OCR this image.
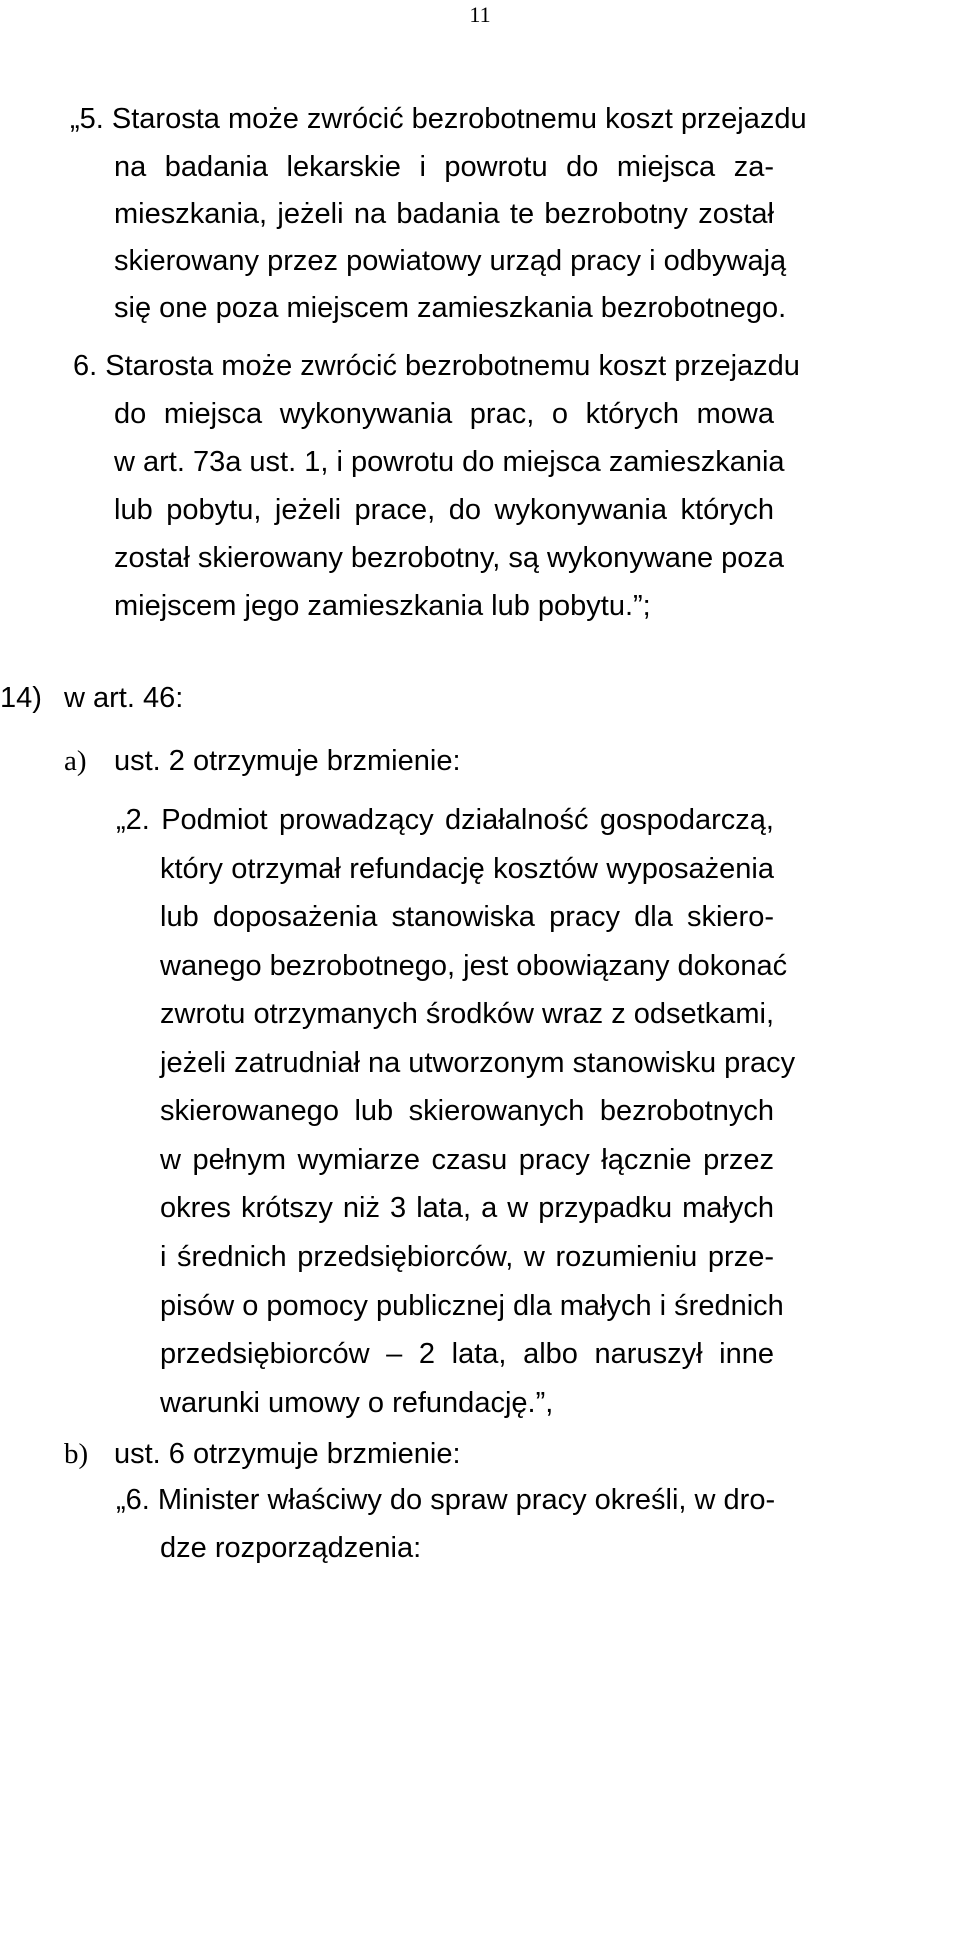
11
„5. Starosta może zwrócić bezrobotnemu koszt przejazdu
na badania lekarskie i powrotu do miejsca za-
mieszkania, jeżeli na badania te bezrobotny został
skierowany przez powiatowy urząd pracy i odbywają
się one poza miejscem zamieszkania bezrobotnego.
6. Starosta może zwrócić bezrobotnemu koszt przejazdu
do miejsca wykonywania prac, o których mowa
w art. 73a ust. 1, i powrotu do miejsca zamieszkania
lub pobytu, jeżeli prace, do wykonywania których
został skierowany bezrobotny, są wykonywane poza
miejscem jego zamieszkania lub pobytu.”;
14) w art. 46:
a) ust. 2 otrzymuje brzmienie:
„2. Podmiot prowadzący działalność gospodarczą,
który otrzymał refundację kosztów wyposażenia
lub doposażenia stanowiska pracy dla skiero-
wanego bezrobotnego, jest obowiązany dokonać
zwrotu otrzymanych środków wraz z odsetkami,
jeżeli zatrudniał na utworzonym stanowisku pracy
skierowanego lub skierowanych bezrobotnych
w pełnym wymiarze czasu pracy łącznie przez
okres krótszy niż 3 lata, a w przypadku małych
i średnich przedsiębiorców, w rozumieniu prze-
pisów o pomocy publicznej dla małych i średnich
przedsiębiorców – 2 lata, albo naruszył inne
warunki umowy o refundację.”,
b) ust. 6 otrzymuje brzmienie:
„6. Minister właściwy do spraw pracy określi, w dro-
dze rozporządzenia:
